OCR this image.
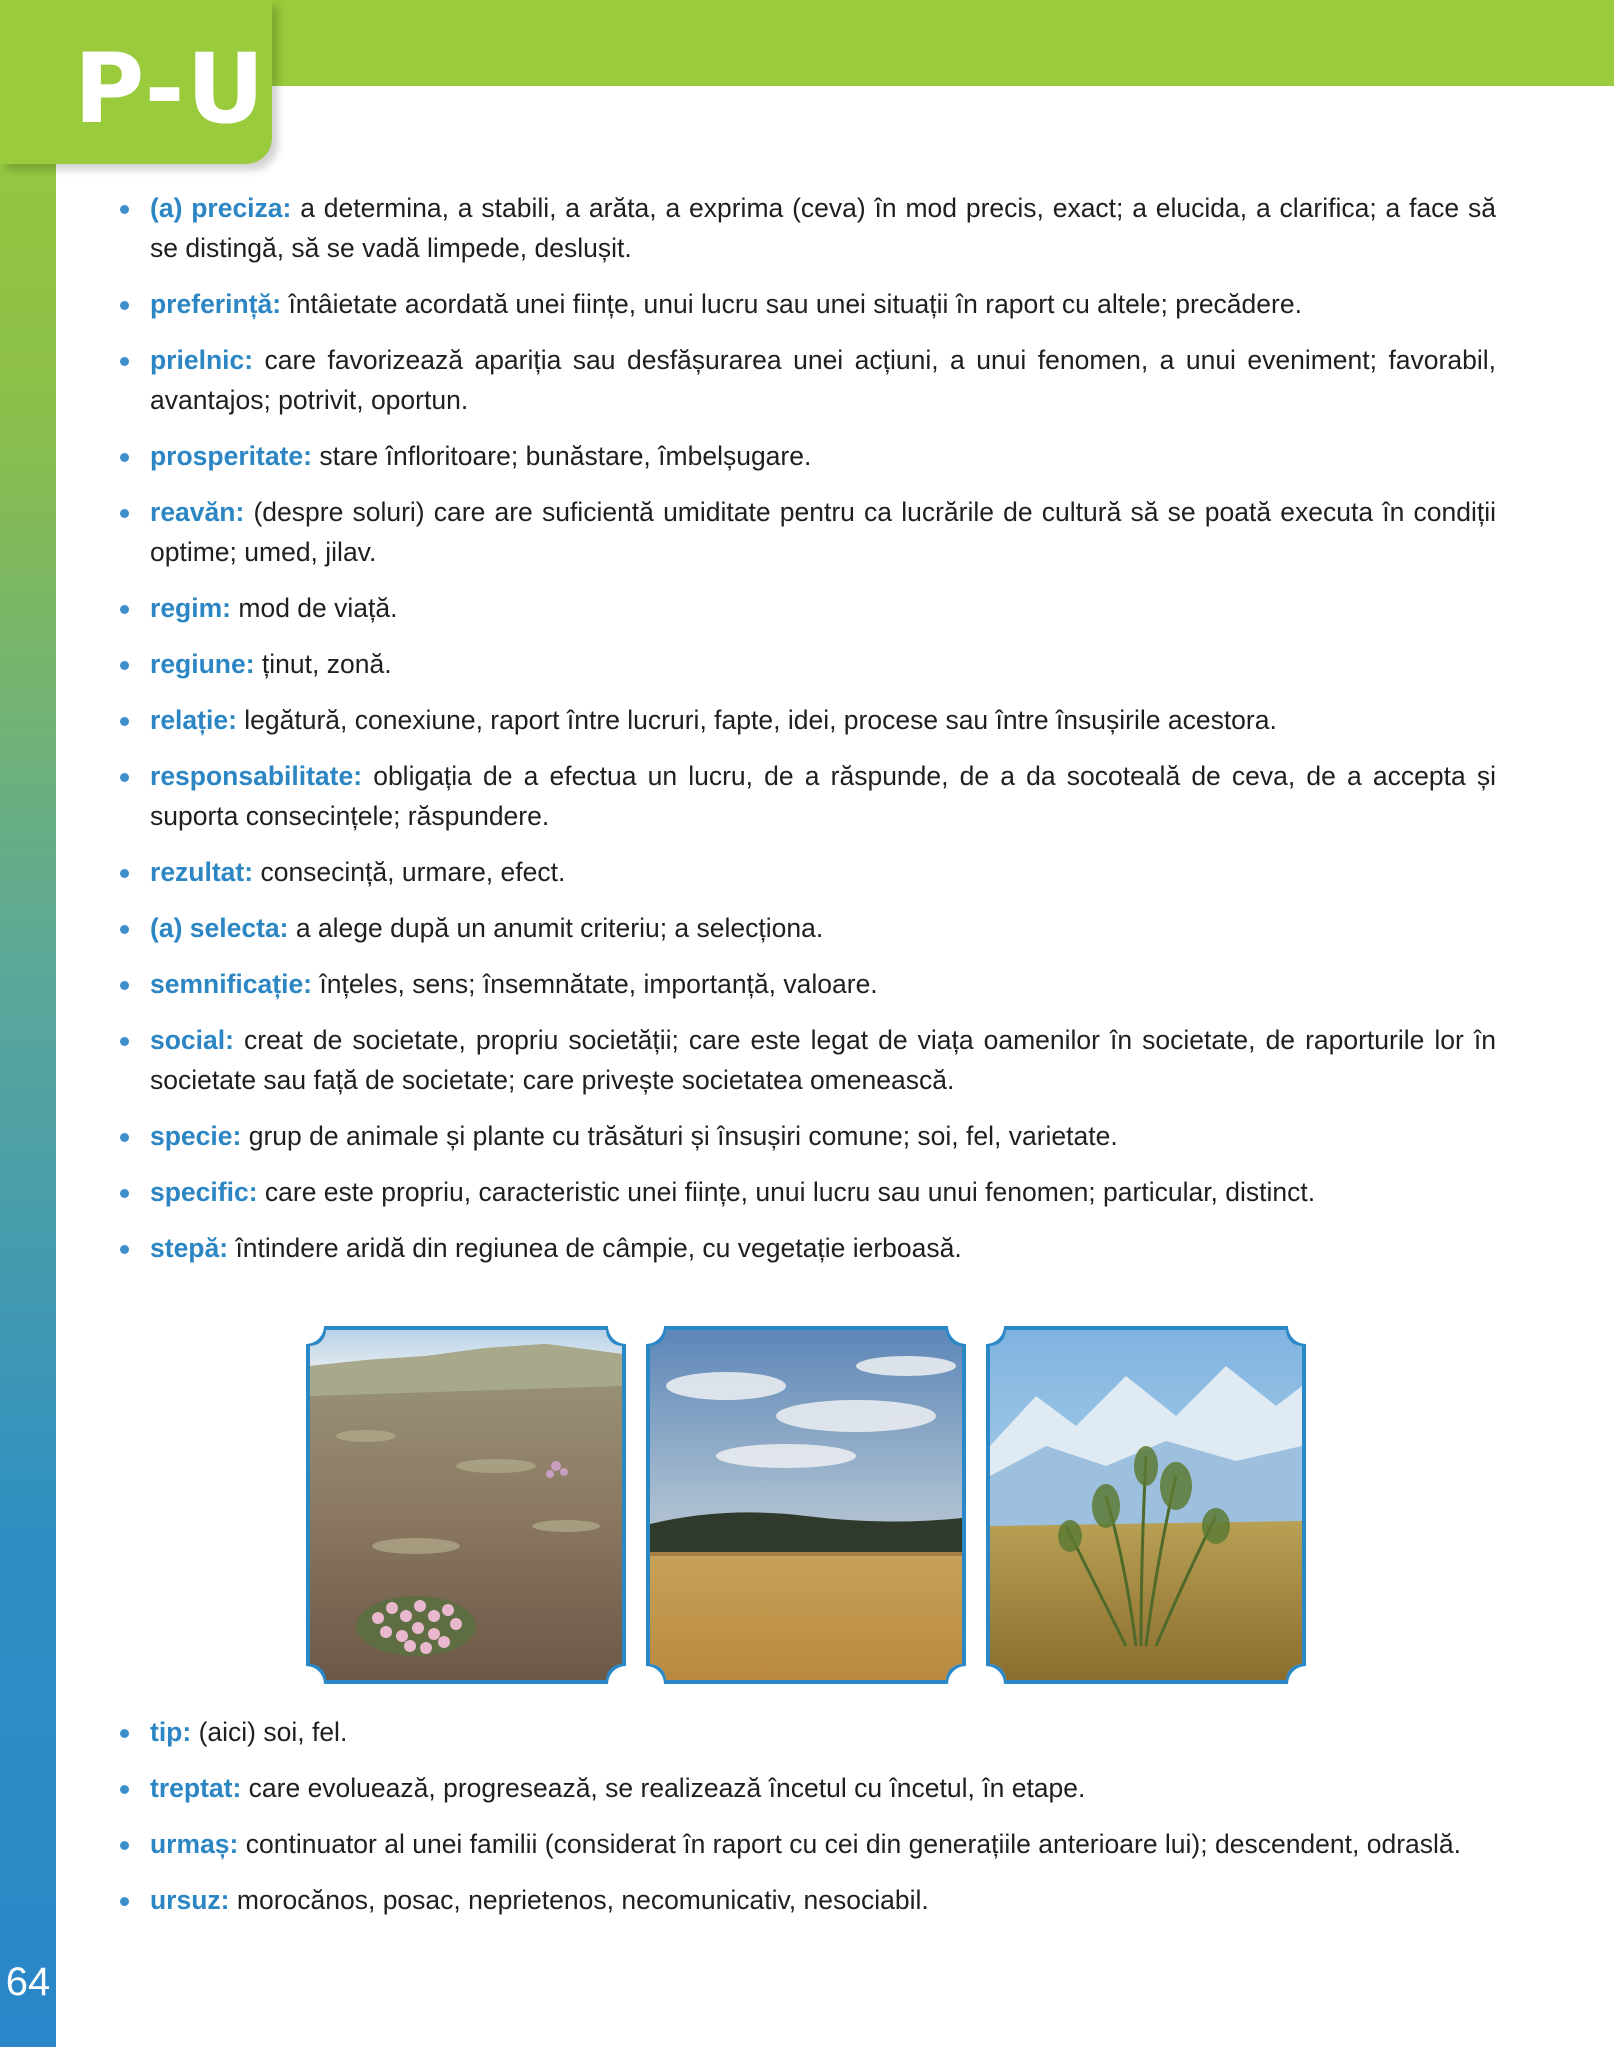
P-U
64
(a) preciza: a determina, a stabili, a arăta, a exprima (ceva) în mod precis, exact; a elucida, a clarifica; a face să se distingă, să se vadă limpede, deslușit.
preferință: întâietate acordată unei ființe, unui lucru sau unei situații în raport cu altele; precădere.
prielnic: care favorizează apariția sau desfășurarea unei acțiuni, a unui fenomen, a unui eveniment; favorabil, avantajos; potrivit, oportun.
prosperitate: stare înfloritoare; bunăstare, îmbelșugare.
reavăn: (despre soluri) care are suficientă umiditate pentru ca lucrările de cultură să se poată executa în condiții optime; umed, jilav.
regim: mod de viață.
regiune: ținut, zonă.
relație: legătură, conexiune, raport între lucruri, fapte, idei, procese sau între însușirile acestora.
responsabilitate: obligația de a efectua un lucru, de a răspunde, de a da socoteală de ceva, de a accepta și suporta consecințele; răspundere.
rezultat: consecință, urmare, efect.
(a) selecta: a alege după un anumit criteriu; a selecționa.
semnificație: înțeles, sens; însemnătate, importanță, valoare.
social: creat de societate, propriu societății; care este legat de viața oamenilor în societate, de raporturile lor în societate sau față de societate; care privește societatea omenească.
specie: grup de animale și plante cu trăsături și însușiri comune; soi, fel, varietate.
specific: care este propriu, caracteristic unei ființe, unui lucru sau unui fenomen; particular, distinct.
stepă: întindere aridă din regiunea de câmpie, cu vegetație ierboasă.
tip: (aici) soi, fel.
treptat: care evoluează, progresează, se realizează încetul cu încetul, în etape.
urmaș: continuator al unei familii (considerat în raport cu cei din generațiile anterioare lui); descendent, odraslă.
ursuz: morocănos, posac, neprietenos, necomunicativ, nesociabil.
